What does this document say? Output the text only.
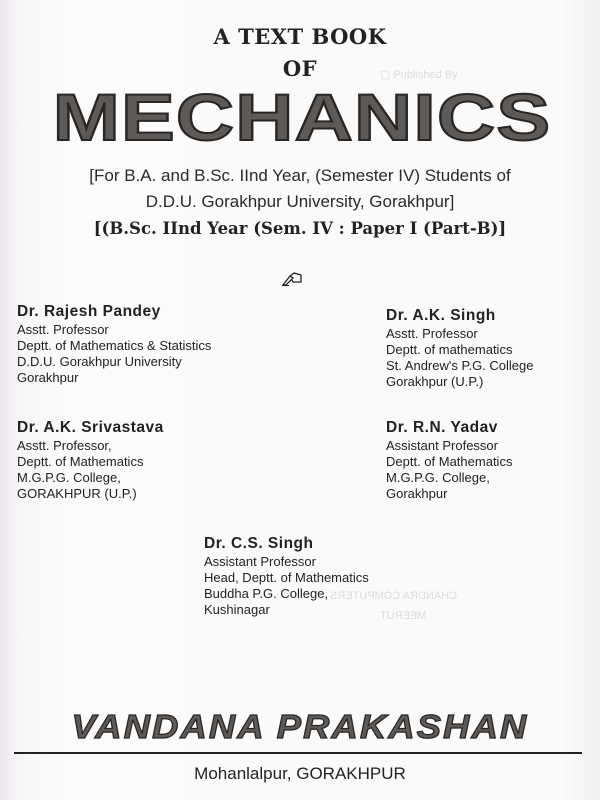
▢ Published By
CHANDRA COMPUTERS
MEERUT
A TEXT BOOK
OF
MECHANICS
[For B.A. and B.Sc. IInd Year, (Semester IV) Students of
D.D.U. Gorakhpur University, Gorakhpur]
[(B.Sc. IInd Year (Sem. IV : Paper I (Part-B)]
Dr. Rajesh Pandey
Asstt. Professor
Deptt. of Mathematics & Statistics
D.D.U. Gorakhpur University
Gorakhpur
Dr. A.K. Singh
Asstt. Professor
Deptt. of mathematics
St. Andrew's P.G. College
Gorakhpur (U.P.)
Dr. A.K. Srivastava
Asstt. Professor,
Deptt. of Mathematics
M.G.P.G. College,
GORAKHPUR (U.P.)
Dr. R.N. Yadav
Assistant Professor
Deptt. of Mathematics
M.G.P.G. College,
Gorakhpur
Dr. C.S. Singh
Assistant Professor
Head, Deptt. of Mathematics
Buddha P.G. College,
Kushinagar
VANDANA PRAKASHAN
Mohanlalpur, GORAKHPUR
